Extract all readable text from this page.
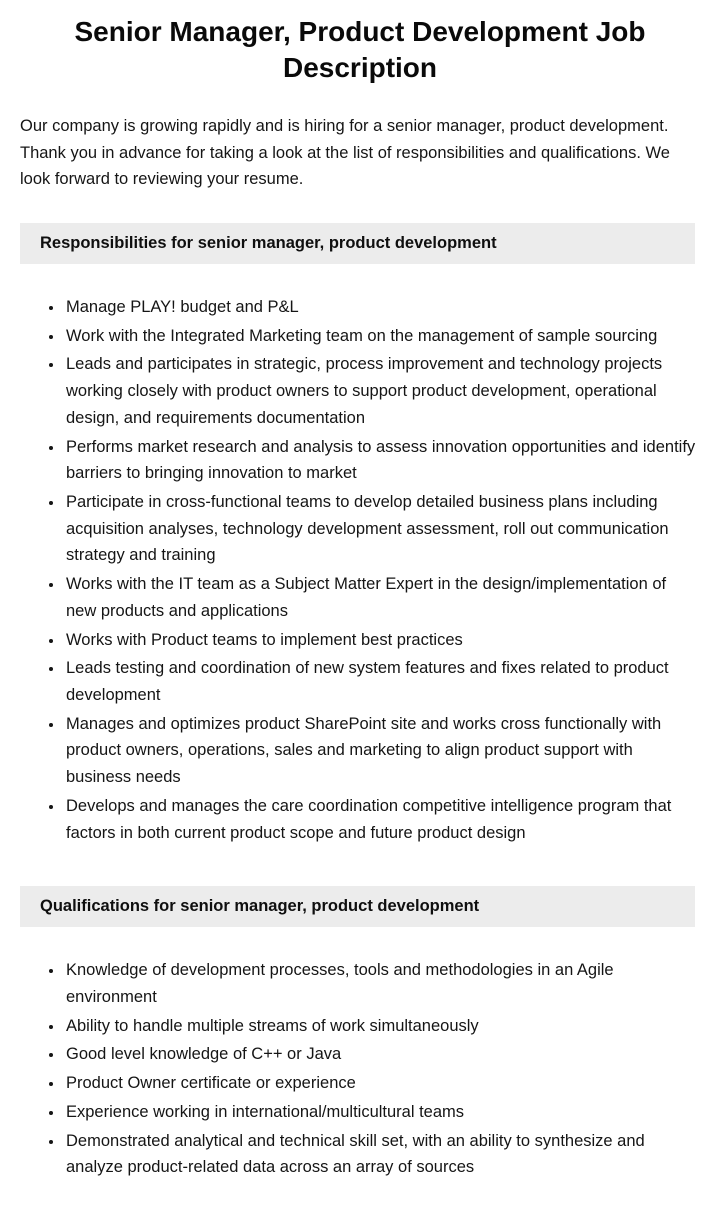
Senior Manager, Product Development Job Description

Our company is growing rapidly and is hiring for a senior manager, product development. Thank you in advance for taking a look at the list of responsibilities and qualifications. We look forward to reviewing your resume.

Responsibilities for senior manager, product development
• Manage PLAY! budget and P&L
• Work with the Integrated Marketing team on the management of sample sourcing
• Leads and participates in strategic, process improvement and technology projects working closely with product owners to support product development, operational design, and requirements documentation
• Performs market research and analysis to assess innovation opportunities and identify barriers to bringing innovation to market
• Participate in cross-functional teams to develop detailed business plans including acquisition analyses, technology development assessment, roll out communication strategy and training
• Works with the IT team as a Subject Matter Expert in the design/implementation of new products and applications
• Works with Product teams to implement best practices
• Leads testing and coordination of new system features and fixes related to product development
• Manages and optimizes product SharePoint site and works cross functionally with product owners, operations, sales and marketing to align product support with business needs
• Develops and manages the care coordination competitive intelligence program that factors in both current product scope and future product design
Qualifications for senior manager, product development
• Knowledge of development processes, tools and methodologies in an Agile environment
• Ability to handle multiple streams of work simultaneously
• Good level knowledge of C++ or Java
• Product Owner certificate or experience
• Experience working in international/multicultural teams
• Demonstrated analytical and technical skill set, with an ability to synthesize and analyze product-related data across an array of sources
